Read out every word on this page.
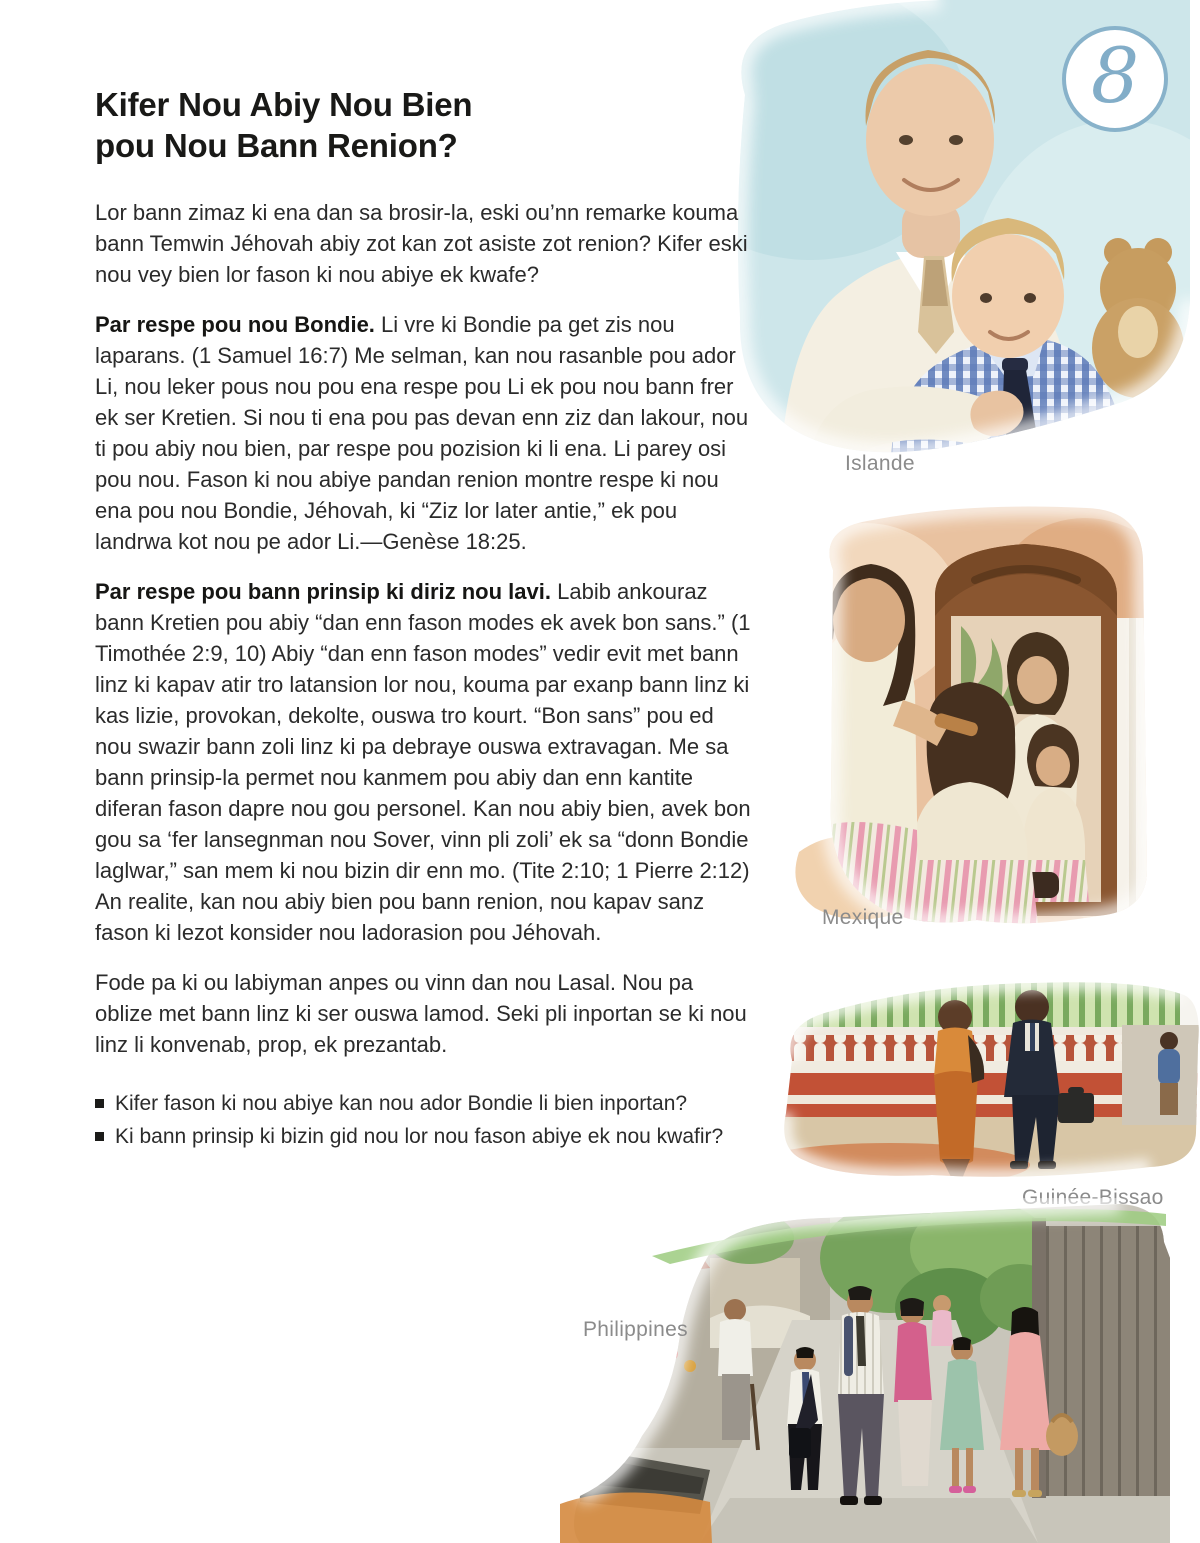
8
Islande
Mexique
Guinée-Bissao
Philippines
Kifer Nou Abiy Nou Bien
pou Nou Bann Renion?

Lor bann zimaz ki ena dan sa brosir-la, eski ou’nn remarke kouma bann Temwin Jéhovah abiy zot kan zot asiste zot renion? Kifer eski nou vey bien lor fason ki nou abiye ek kwafe?

Par respe pou nou Bondie. Li vre ki Bondie pa get zis nou laparans. (1 Samuel 16:7) Me selman, kan nou rasanble pou ador Li, nou leker pous nou pou ena respe pou Li ek pou nou bann frer ek ser Kretien. Si nou ti ena pou pas devan enn ziz dan lakour, nou ti pou abiy nou bien, par respe pou pozision ki li ena. Li parey osi pou nou. Fason ki nou abiye pandan renion montre respe ki nou ena pou nou Bondie, Jéhovah, ki “Ziz lor later antie,” ek pou landrwa kot nou pe ador Li.—Genèse 18:25.

Par respe pou bann prinsip ki diriz nou lavi. Labib ankouraz bann Kretien pou abiy “dan enn fason modes ek avek bon sans.” (1 Timothée 2:9, 10) Abiy “dan enn fason modes” vedir evit met bann linz ki kapav atir tro latansion lor nou, kouma par exanp bann linz ki kas lizie, provokan, dekolte, ouswa tro kourt. “Bon sans” pou ed nou swazir bann zoli linz ki pa debraye ouswa extravagan. Me sa bann prinsip-la permet nou kanmem pou abiy dan enn kantite diferan fason dapre nou gou personel. Kan nou abiy bien, avek bon gou sa ‘fer lansegnman nou Sover, vinn pli zoli’ ek sa “donn Bondie laglwar,” san mem ki nou bizin dir enn mo. (Tite 2:10; 1 Pierre 2:12) An realite, kan nou abiy bien pou bann renion, nou kapav sanz fason ki lezot konsider nou ladorasion pou Jéhovah.

Fode pa ki ou labiyman anpes ou vinn dan nou Lasal. Nou pa oblize met bann linz ki ser ouswa lamod. Seki pli inportan se ki nou linz li konvenab, prop, ek prezantab.

Kifer fason ki nou abiye kan nou ador Bondie li bien inportan?
Ki bann prinsip ki bizin gid nou lor nou fason abiye ek nou kwafir?
